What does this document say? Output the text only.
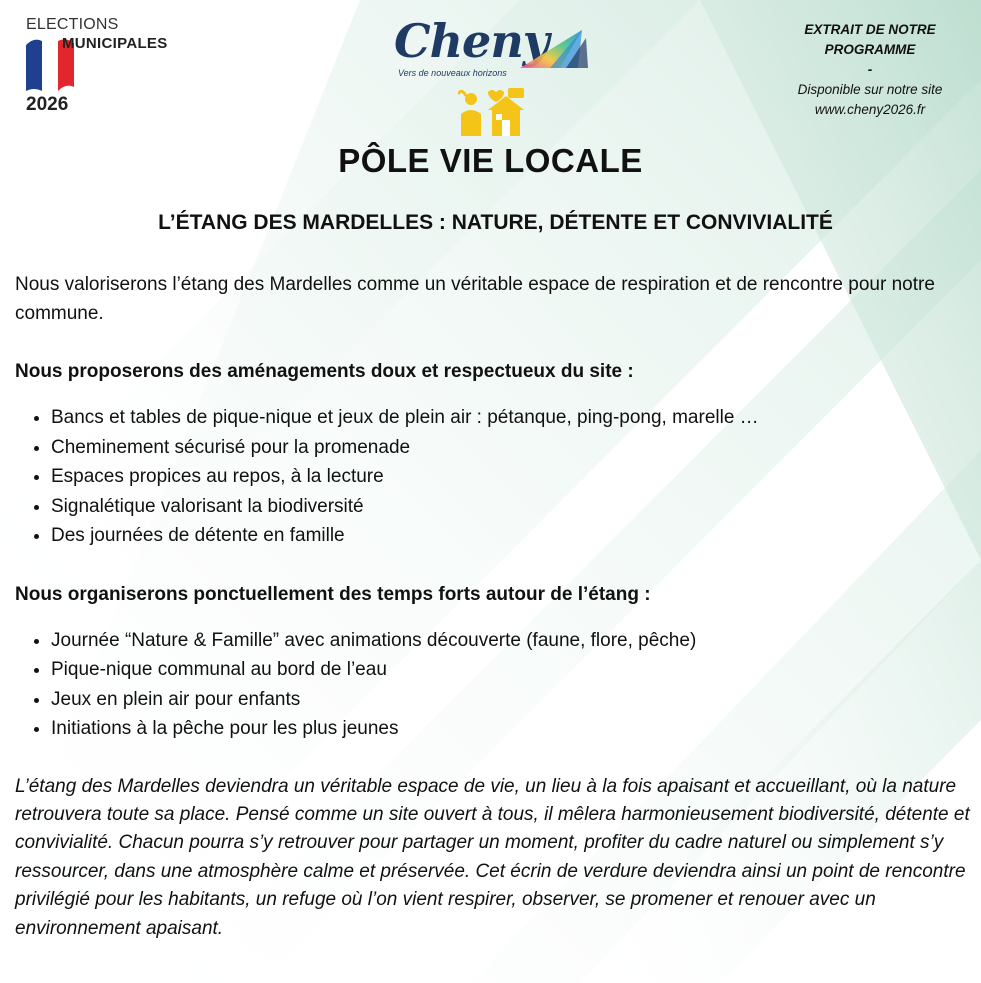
ELECTIONS
MUNICIPALES
2026
Cheny
Vers de nouveaux horizons
EXTRAIT DE NOTRE
PROGRAMME
-
Disponible sur notre site
www.cheny2026.fr
PÔLE VIE LOCALE
L’ÉTANG DES MARDELLES : NATURE, DÉTENTE ET CONVIVIALITÉ

Nous valoriserons l’étang des Mardelles comme un véritable espace de respiration et de rencontre pour notre commune.

Nous proposerons des aménagements doux et respectueux du site :

• Bancs et tables de pique-nique et jeux de plein air : pétanque, ping-pong, marelle …
• Cheminement sécurisé pour la promenade
• Espaces propices au repos, à la lecture
• Signalétique valorisant la biodiversité
• Des journées de détente en famille

Nous organiserons ponctuellement des temps forts autour de l’étang :

• Journée “Nature & Famille” avec animations découverte (faune, flore, pêche)
• Pique-nique communal au bord de l’eau
• Jeux en plein air pour enfants
• Initiations à la pêche pour les plus jeunes

L’étang des Mardelles deviendra un véritable espace de vie, un lieu à la fois apaisant et accueillant, où la nature retrouvera toute sa place. Pensé comme un site ouvert à tous, il mêlera harmonieusement biodiversité, détente et convivialité. Chacun pourra s’y retrouver pour partager un moment, profiter du cadre naturel ou simplement s’y ressourcer, dans une atmosphère calme et préservée. Cet écrin de verdure deviendra ainsi un point de rencontre privilégié pour les habitants, un refuge où l’on vient respirer, observer, se promener et renouer avec un environnement apaisant.
